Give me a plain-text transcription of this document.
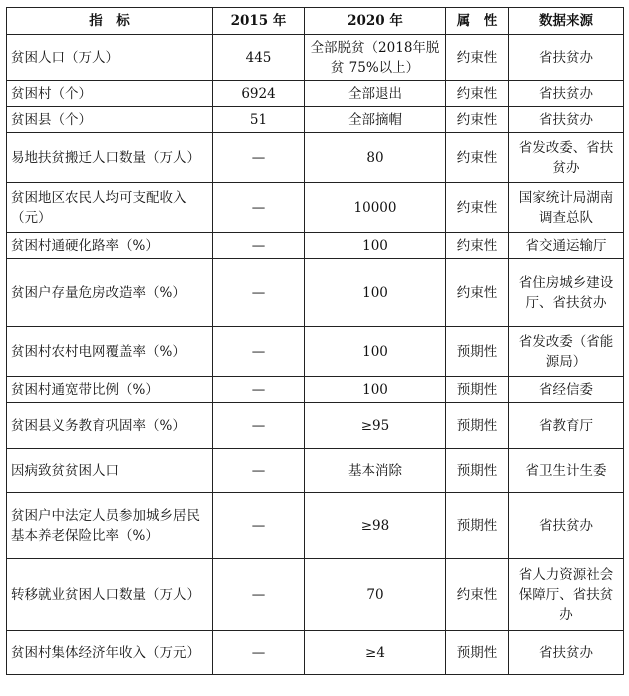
指　标	2015 年	2020 年	属　性	数据来源
贫困人口（万人）	445	全部脱贫（2018年脱贫 75%以上）	约束性	省扶贫办
贫困村（个）	6924	全部退出	约束性	省扶贫办
贫困县（个）	51	全部摘帽	约束性	省扶贫办
易地扶贫搬迁人口数量（万人）	—	80	约束性	省发改委、省扶贫办
贫困地区农民人均可支配收入（元）	—	10000	约束性	国家统计局湖南调查总队
贫困村通硬化路率（%）	—	100	约束性	省交通运输厅
贫困户存量危房改造率（%）	—	100	约束性	省住房城乡建设厅、省扶贫办
贫困村农村电网覆盖率（%）	—	100	预期性	省发改委（省能源局）
贫困村通宽带比例（%）	—	100	预期性	省经信委
贫困县义务教育巩固率（%）	—	≥95	预期性	省教育厅
因病致贫贫困人口	—	基本消除	预期性	省卫生计生委
贫困户中法定人员参加城乡居民基本养老保险比率（%）	—	≥98	预期性	省扶贫办
转移就业贫困人口数量（万人）	—	70	约束性	省人力资源社会保障厅、省扶贫办
贫困村集体经济年收入（万元）	—	≥4	预期性	省扶贫办
